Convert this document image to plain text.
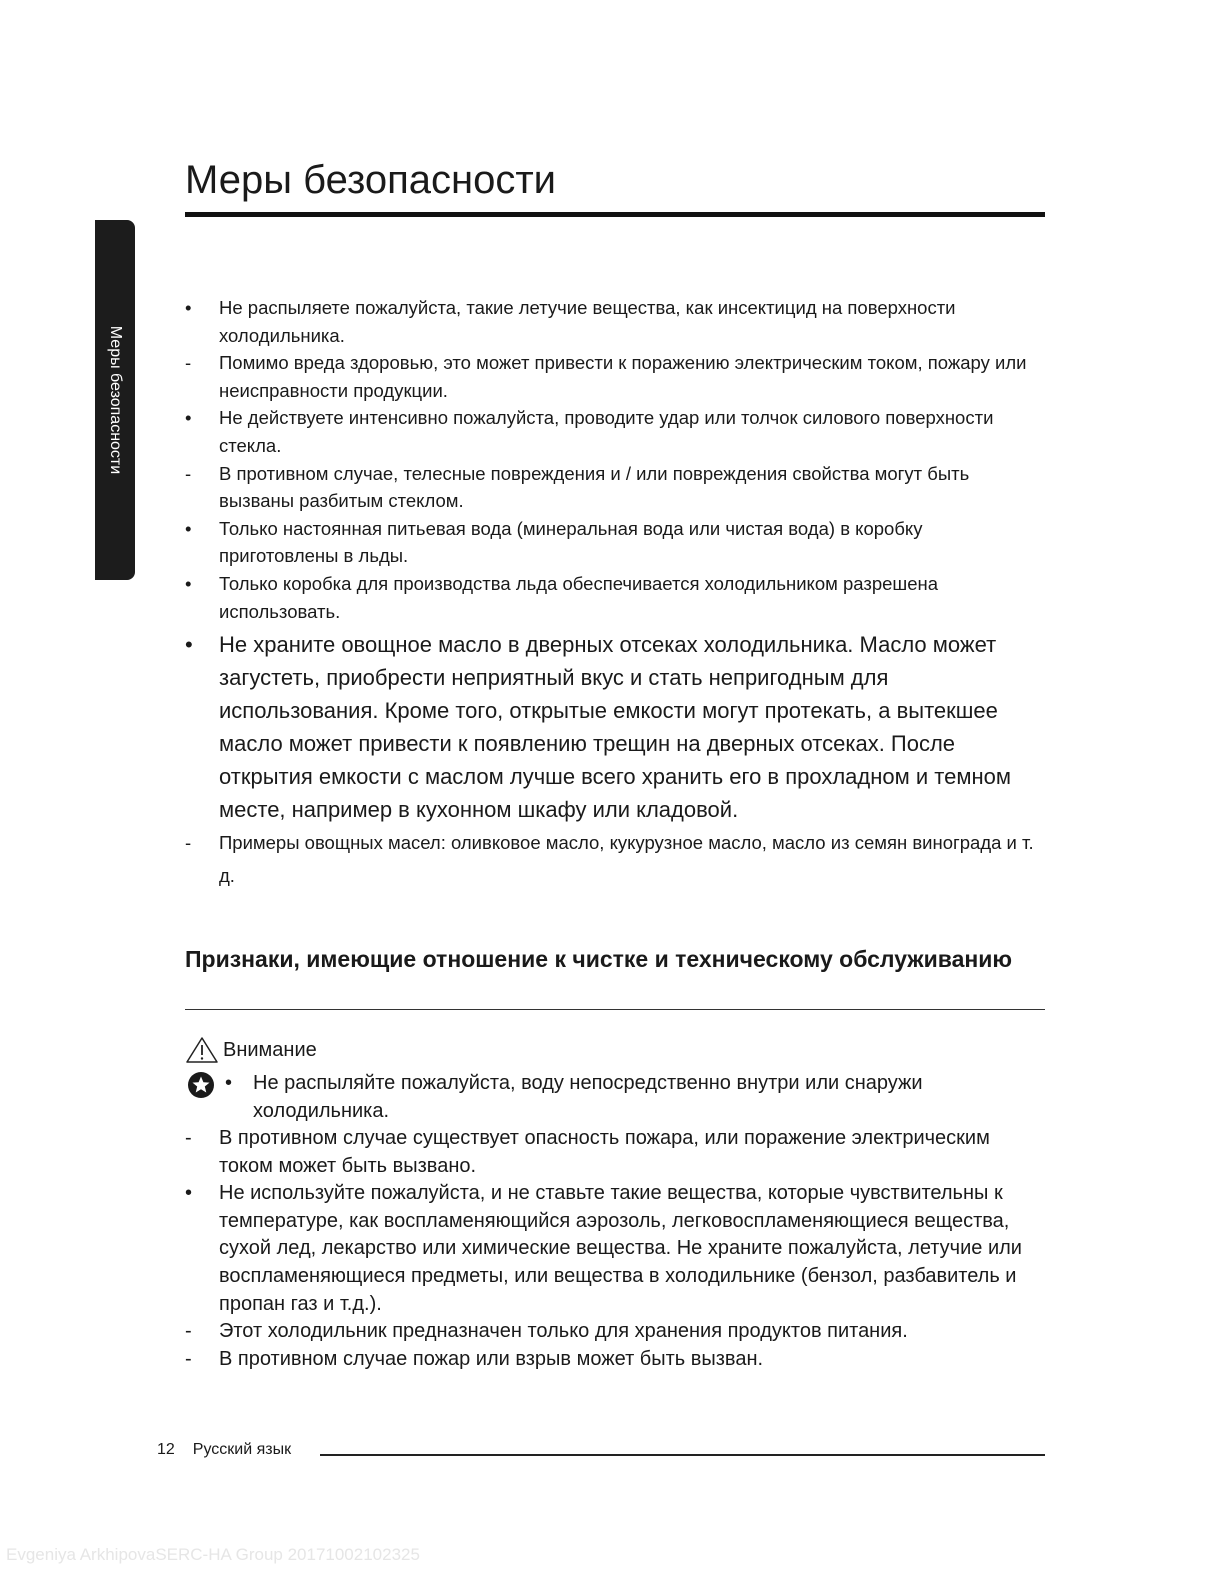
Меры безопасности
Меры безопасности
•	Не распыляете пожалуйста, такие летучие вещества, как инсектицид на поверхности холодильника.
-	Помимо вреда здоровью, это может привести к поражению электрическим током, пожару или неисправности продукции.
•	Не действуете интенсивно пожалуйста, проводите удар или толчок силового поверхности стекла.
-	В противном случае, телесные повреждения и / или повреждения свойства могут быть вызваны разбитым стеклом.
•	Только настоянная питьевая вода (минеральная вода или чистая вода) в коробку приготовлены в льды.
•	Только коробка для производства льда обеспечивается холодильником разрешена использовать.
•	Не храните овощное масло в дверных отсеках холодильника. Масло может загустеть, приобрести неприятный вкус и стать непригодным для использования. Кроме того, открытые емкости могут протекать, а вытекшее масло может привести к появлению трещин на дверных отсеках. После открытия емкости с маслом лучше всего хранить его в прохладном и темном месте, например в кухонном шкафу или кладовой.
-	Примеры овощных масел: оливковое масло, кукурузное масло, масло из семян винограда и т. д.
Признаки, имеющие отношение к чистке и техническому обслуживанию
Внимание
•	Не распыляйте пожалуйста, воду непосредственно внутри или снаружи холодильника.
-	В противном случае существует опасность пожара, или поражение электрическим током может быть вызвано.
•	Не используйте пожалуйста, и не ставьте такие вещества, которые чувствительны к температуре, как воспламеняющийся аэрозоль, легковоспламеняющиеся вещества, сухой лед, лекарство или химические вещества. Не храните пожалуйста, летучие или воспламеняющиеся предметы, или вещества в холодильнике (бензол, разбавитель и пропан газ и т.д.).
-	Этот холодильник предназначен только для хранения продуктов питания.
-	В противном случае пожар или взрыв может быть вызван.
12 Русский язык
Evgeniya ArkhipovaSERC-HA Group 20171002102325
